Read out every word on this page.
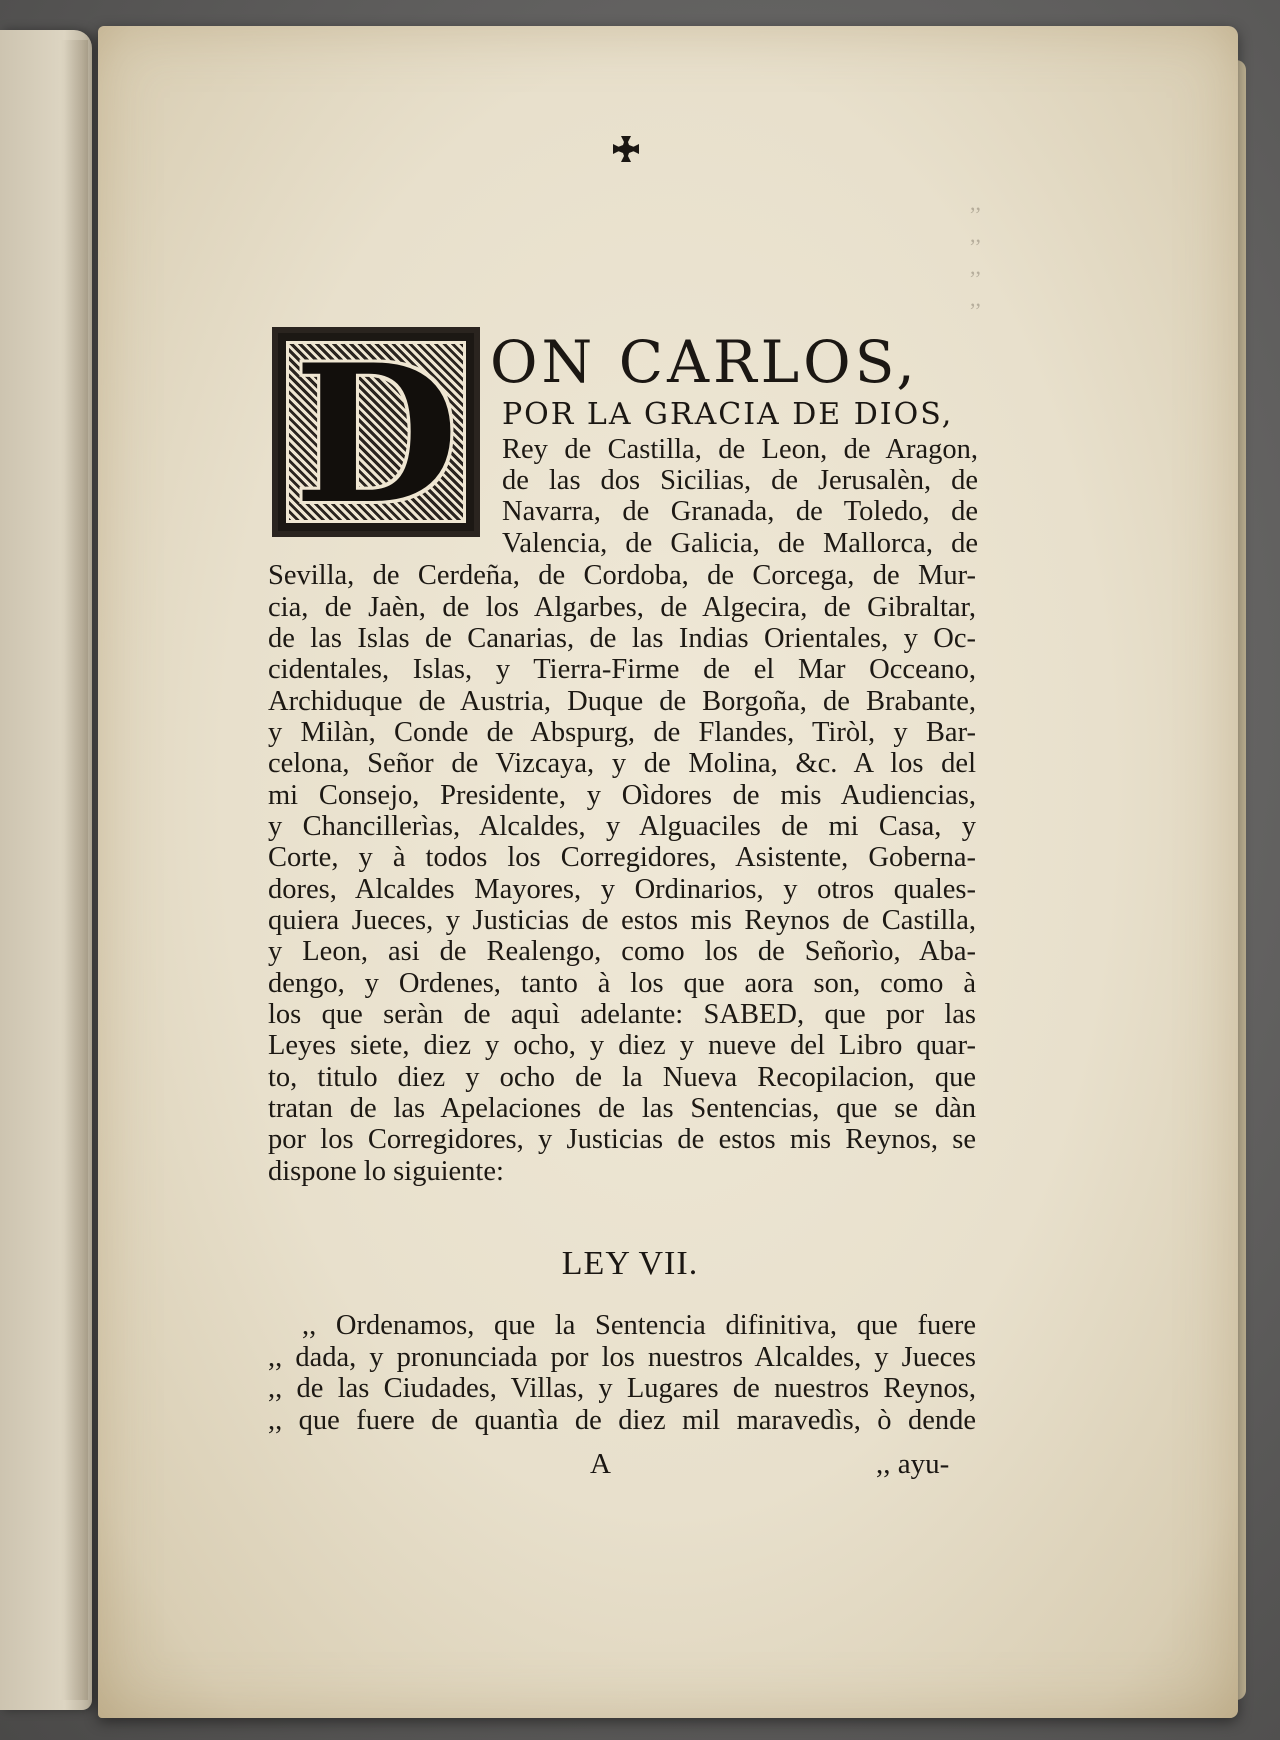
,,
,,
,,
,,
D ON CARLOS,
POR LA GRACIA DE DIOS,
Rey de Castilla, de Leon, de Aragon,
de las dos Sicilias, de Jerusalèn, de
Navarra, de Granada, de Toledo, de
Valencia, de Galicia, de Mallorca, de
Sevilla, de Cerdeña, de Cordoba, de Corcega, de Mur-
cia, de Jaèn, de los Algarbes, de Algecira, de Gibraltar,
de las Islas de Canarias, de las Indias Orientales, y Oc-
cidentales, Islas, y Tierra-Firme de el Mar Occeano,
Archiduque de Austria, Duque de Borgoña, de Brabante,
y Milàn, Conde de Abspurg, de Flandes, Tiròl, y Bar-
celona, Señor de Vizcaya, y de Molina, &c. A los del
mi Consejo, Presidente, y Oìdores de mis Audiencias,
y Chancillerìas, Alcaldes, y Alguaciles de mi Casa, y
Corte, y à todos los Corregidores, Asistente, Goberna-
dores, Alcaldes Mayores, y Ordinarios, y otros quales-
quiera Jueces, y Justicias de estos mis Reynos de Castilla,
y Leon, asi de Realengo, como los de Señorìo, Aba-
dengo, y Ordenes, tanto à los que aora son, como à
los que seràn de aquì adelante: SABED, que por las
Leyes siete, diez y ocho, y diez y nueve del Libro quar-
to, titulo diez y ocho de la Nueva Recopilacion, que
tratan de las Apelaciones de las Sentencias, que se dàn
por los Corregidores, y Justicias de estos mis Reynos, se
dispone lo siguiente:
LEY VII.
,, Ordenamos, que la Sentencia difinitiva, que fuere
,, dada, y pronunciada por los nuestros Alcaldes, y Jueces
,, de las Ciudades, Villas, y Lugares de nuestros Reynos,
,, que fuere de quantìa de diez mil maravedìs, ò dende
A	,, ayu-
